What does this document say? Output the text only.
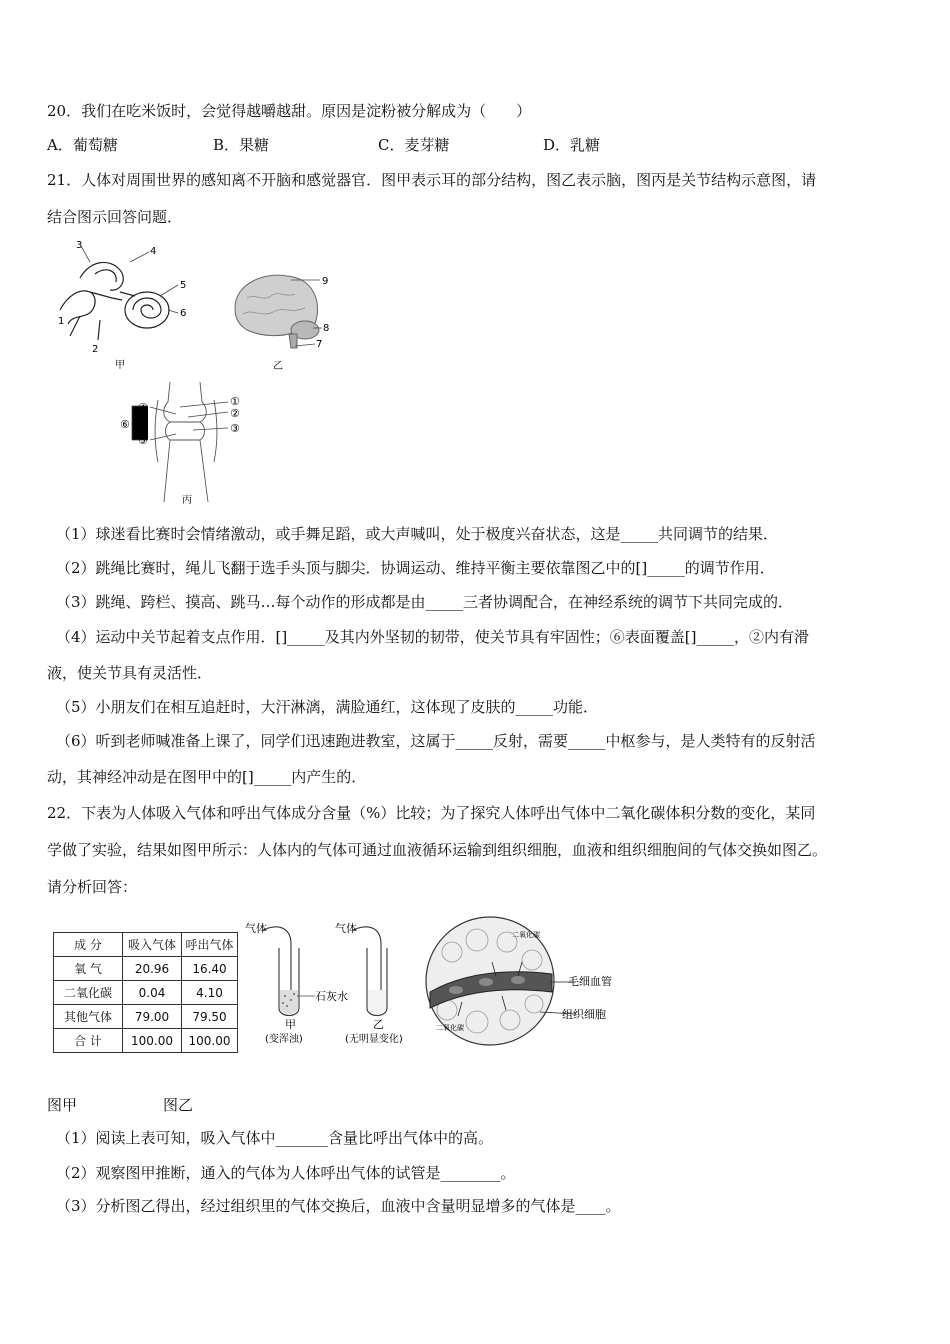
20．我们在吃米饭时，会觉得越嚼越甜。原因是淀粉被分解成为（　　）
A．葡萄糖	B．果糖	C．麦芽糖	D．乳糖
21．人体对周围世界的感知离不开脑和感觉器官．图甲表示耳的部分结构，图乙表示脑，图丙是关节结构示意图，请
结合图示回答问题．
3
4
5
6
1
2
甲
9
8
7
乙
①
②
③
④
⑤
⑥
丙
（1）球迷看比赛时会情绪激动，或手舞足蹈，或大声喊叫，处于极度兴奋状态，这是_____共同调节的结果．
（2）跳绳比赛时，绳儿飞翻于选手头顶与脚尖．协调运动、维持平衡主要依靠图乙中的[]_____的调节作用．
（3）跳绳、跨栏、摸高、跳马…每个动作的形成都是由_____三者协调配合，在神经系统的调节下共同完成的．
（4）运动中关节起着支点作用．[]_____及其内外坚韧的韧带，使关节具有牢固性；⑥表面覆盖[]_____，②内有滑
液，使关节具有灵活性．
（5）小朋友们在相互追赶时，大汗淋漓，满脸通红，这体现了皮肤的_____功能．
（6）听到老师喊准备上课了，同学们迅速跑进教室，这属于_____反射，需要_____中枢参与，是人类特有的反射活
动，其神经冲动是在图甲中的[]_____内产生的．
22．下表为人体吸入气体和呼出气体成分含量（%）比较；为了探究人体呼出气体中二氧化碳体积分数的变化，某同
学做了实验，结果如图甲所示：人体内的气体可通过血液循环运输到组织细胞，血液和组织细胞间的气体交换如图乙。
请分析回答：
成 分	吸入气体	呼出气体
氧 气	20.96	16.40
二氧化碳	0.04	4.10
其他气体	79.00	79.50
合 计	100.00	100.00
气体	气体
石灰水
甲
(变浑浊)
乙
(无明显变化)
二氧化碳
二氧化碳
毛细血管
组织细胞
图甲	图乙
（1）阅读上表可知，吸入气体中_______含量比呼出气体中的高。
（2）观察图甲推断，通入的气体为人体呼出气体的试管是________。
（3）分析图乙得出，经过组织里的气体交换后，血液中含量明显增多的气体是____。
